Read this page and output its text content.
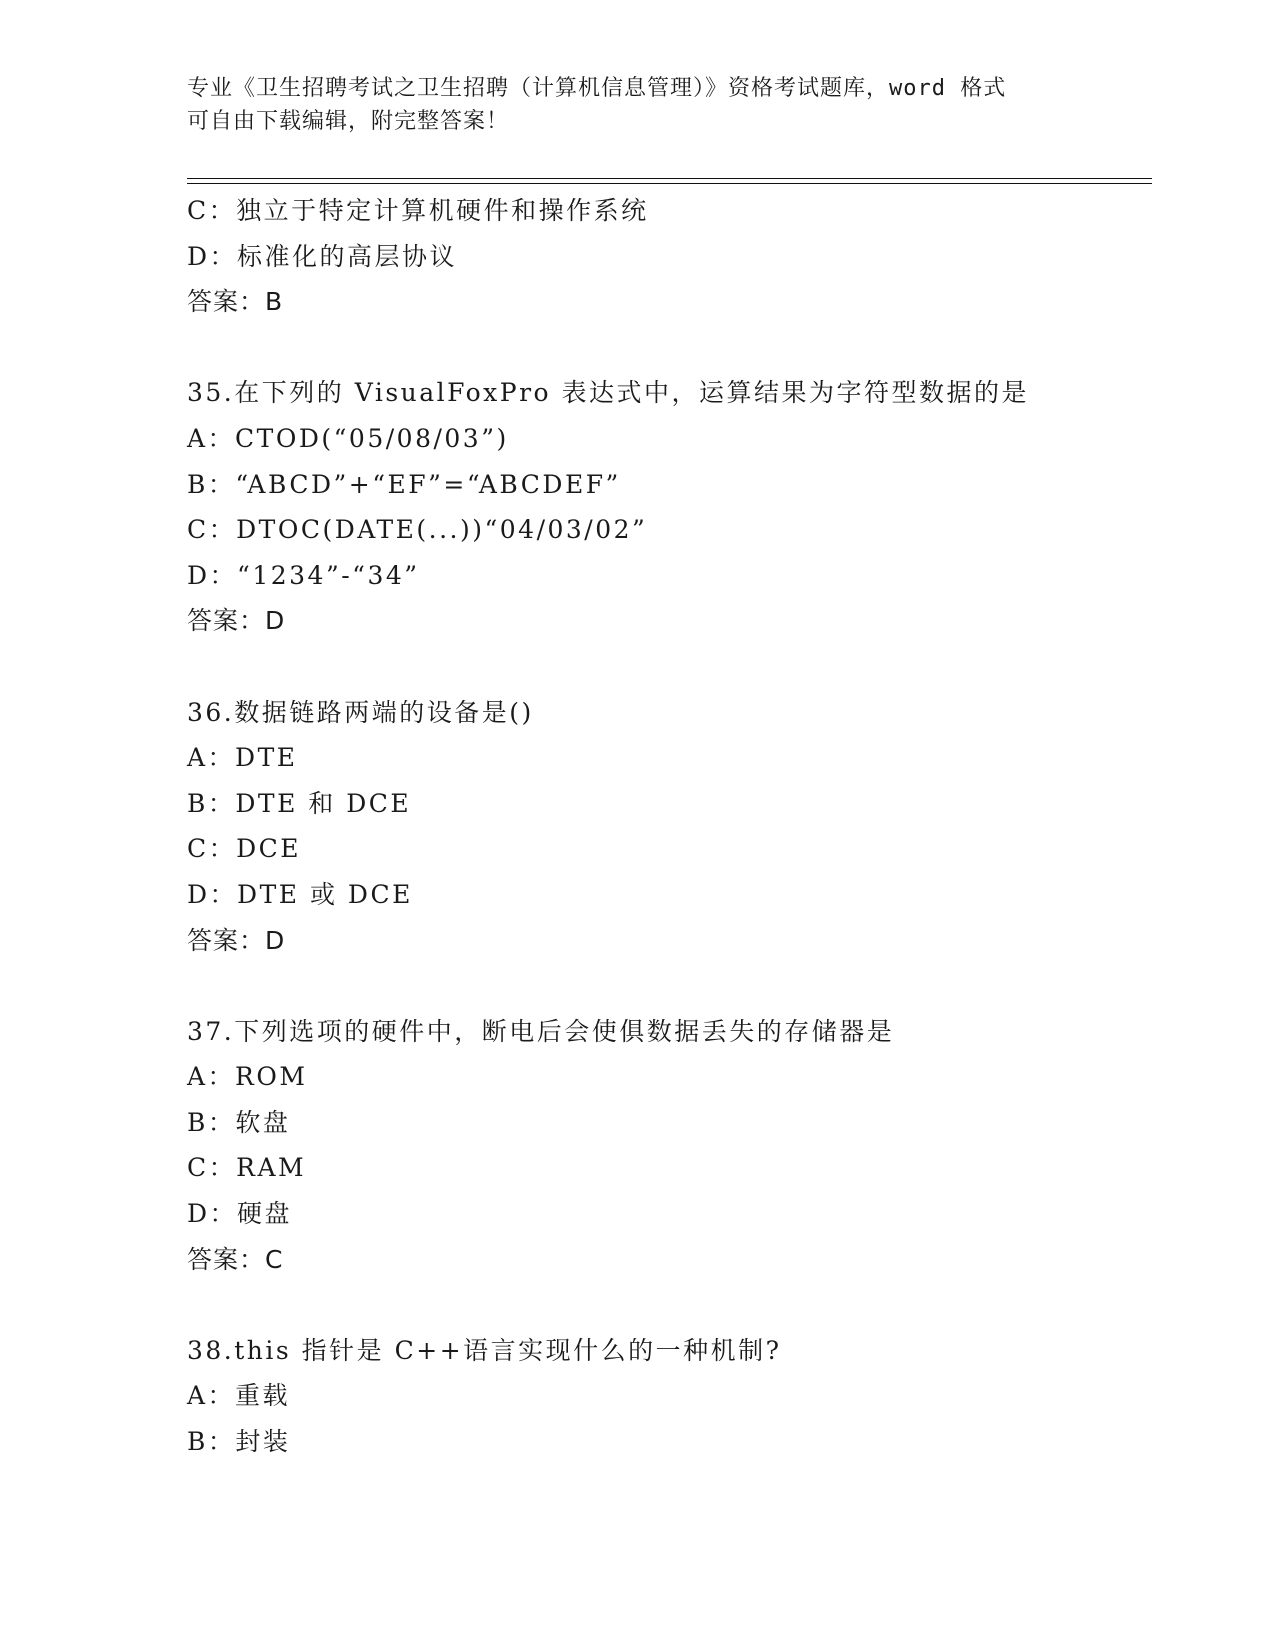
专业《卫生招聘考试之卫生招聘（计算机信息管理）》资格考试题库，word 格式
可自由下载编辑，附完整答案！
C：独立于特定计算机硬件和操作系统
D：标准化的高层协议
答案：B
35.在下列的 VisualFoxPro 表达式中，运算结果为字符型数据的是
A：CTOD(“05/08/03”)
B：“ABCD”+“EF”=“ABCDEF”
C：DTOC(DATE(...))“04/03/02”
D：“1234”-“34”
答案：D
36.数据链路两端的设备是()
A：DTE
B：DTE 和 DCE
C：DCE
D：DTE 或 DCE
答案：D
37.下列选项的硬件中，断电后会使俱数据丢失的存储器是
A：ROM
B：软盘
C：RAM
D：硬盘
答案：C
38.this 指针是 C++语言实现什么的一种机制?
A：重载
B：封装
